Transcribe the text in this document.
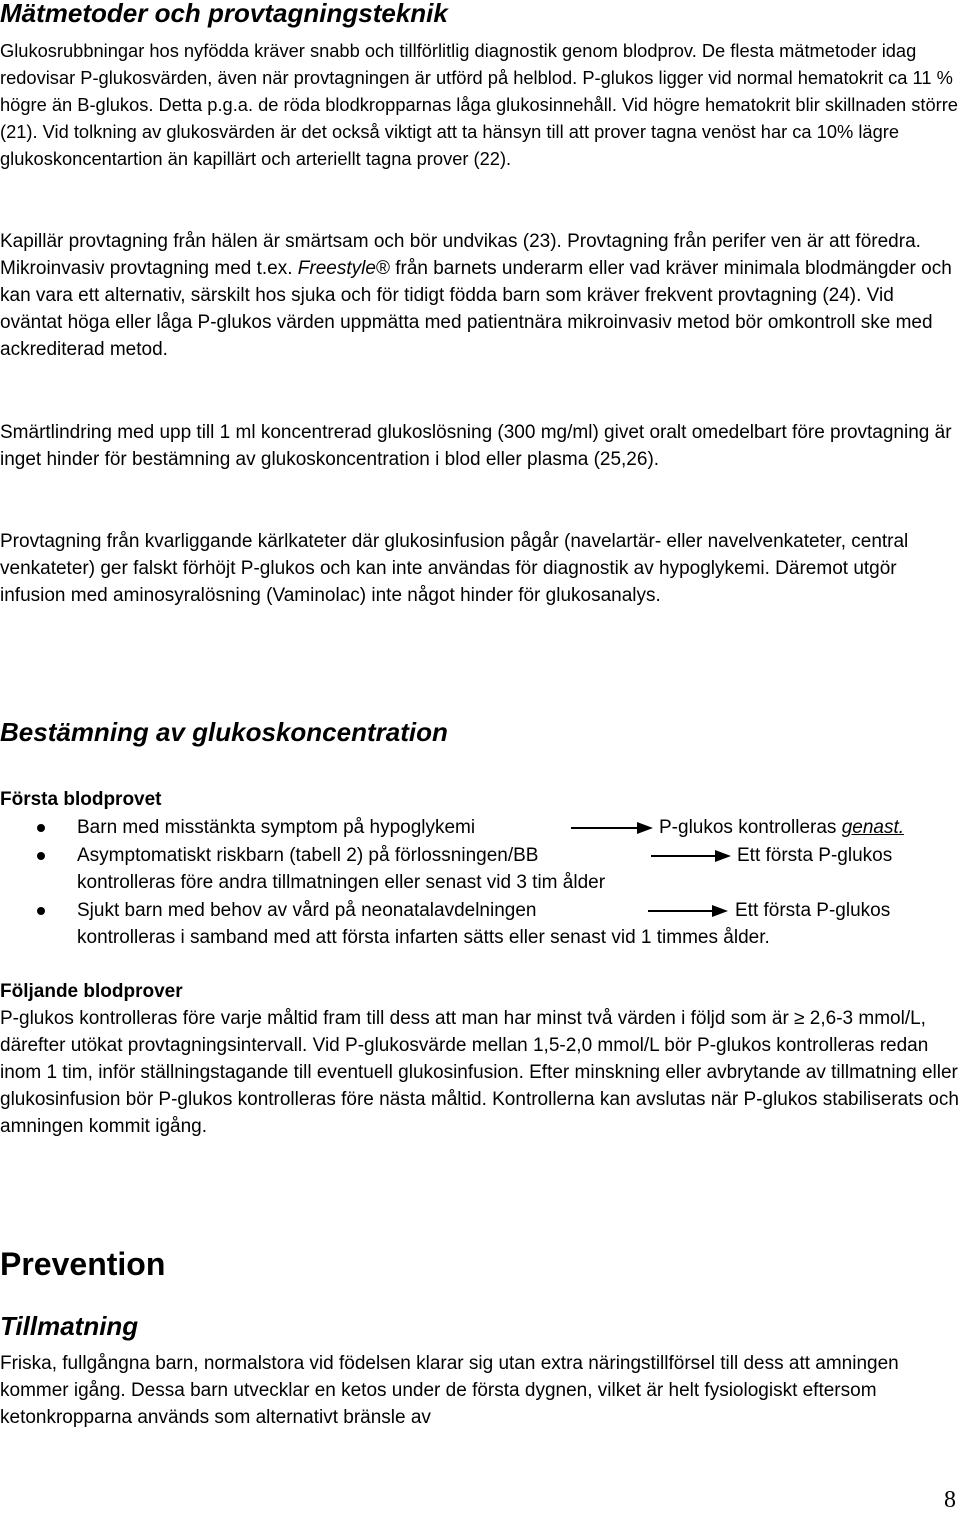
Mätmetoder och provtagningsteknik

Glukosrubbningar hos nyfödda kräver snabb och tillförlitlig diagnostik genom blodprov. De flesta mätmetoder idag redovisar P-glukosvärden, även när provtagningen är utförd på helblod. P-glukos ligger vid normal hematokrit ca 11 % högre än B-glukos. Detta p.g.a. de röda blodkropparnas låga glukosinnehåll. Vid högre hematokrit blir skillnaden större (21). Vid tolkning av glukosvärden är det också viktigt att ta hänsyn till att prover tagna venöst har ca 10% lägre glukoskoncentartion än kapillärt och arteriellt tagna prover (22).

Kapillär provtagning från hälen är smärtsam och bör undvikas (23). Provtagning från perifer ven är att föredra. Mikroinvasiv provtagning med t.ex. Freestyle® från barnets underarm eller vad kräver minimala blodmängder och kan vara ett alternativ, särskilt hos sjuka och för tidigt födda barn som kräver frekvent provtagning (24). Vid oväntat höga eller låga P-glukos värden uppmätta med patientnära mikroinvasiv metod bör omkontroll ske med ackrediterad metod.

Smärtlindring med upp till 1 ml koncentrerad glukoslösning (300 mg/ml) givet oralt omedelbart före provtagning är inget hinder för bestämning av glukoskoncentration i blod eller plasma (25,26).

Provtagning från kvarliggande kärlkateter där glukosinfusion pågår (navelartär- eller navelvenkateter, central venkateter) ger falskt förhöjt P-glukos och kan inte användas för diagnostik av hypoglykemi. Däremot utgör infusion med aminosyralösning (Vaminolac) inte något hinder för glukosanalys.

Bestämning av glukoskoncentration
Första blodprovet
Barn med misstänkta symptom på hypoglykemi	P-glukos kontrolleras genast.
Asymptomatiskt riskbarn (tabell 2) på förlossningen/BB	Ett första P-glukos
kontrolleras före andra tillmatningen eller senast vid 3 tim ålder
Sjukt barn med behov av vård på neonatalavdelningen	Ett första P-glukos
kontrolleras i samband med att första infarten sätts eller senast vid 1 timmes ålder.
Följande blodprover

P-glukos kontrolleras före varje måltid fram till dess att man har minst två värden i följd som är ≥ 2,6-3 mmol/L, därefter utökat provtagningsintervall. Vid P-glukosvärde mellan 1,5-2,0 mmol/L bör P-glukos kontrolleras redan inom 1 tim, inför ställningstagande till eventuell glukosinfusion. Efter minskning eller avbrytande av tillmatning eller glukosinfusion bör P-glukos kontrolleras före nästa måltid. Kontrollerna kan avslutas när P-glukos stabiliserats och amningen kommit igång.

Prevention
Tillmatning

Friska, fullgångna barn, normalstora vid födelsen klarar sig utan extra näringstillförsel till dess att amningen kommer igång. Dessa barn utvecklar en ketos under de första dygnen, vilket är helt fysiologiskt eftersom ketonkropparna används som alternativt bränsle av

8
